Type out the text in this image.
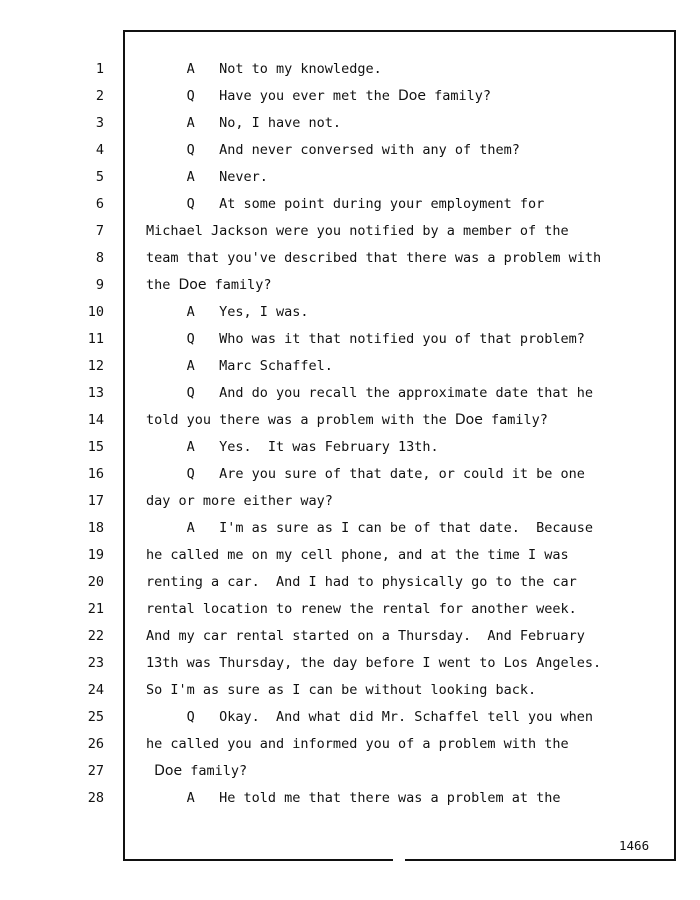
1
2
3
4
5
6
7
8
9
10
11
12
13
14
15
16
17
18
19
20
21
22
23
24
25
26
27
28
A   Not to my knowledge.
Q   Have you ever met the Doe family?
A   No, I have not.
Q   And never conversed with any of them?
A   Never.
Q   At some point during your employment for
Michael Jackson were you notified by a member of the
team that you've described that there was a problem with
the Doe family?
A   Yes, I was.
Q   Who was it that notified you of that problem?
A   Marc Schaffel.
Q   And do you recall the approximate date that he
told you there was a problem with the Doe family?
A   Yes.  It was February 13th.
Q   Are you sure of that date, or could it be one
day or more either way?
A   I'm as sure as I can be of that date.  Because
he called me on my cell phone, and at the time I was
renting a car.  And I had to physically go to the car
rental location to renew the rental for another week.
And my car rental started on a Thursday.  And February
13th was Thursday, the day before I went to Los Angeles.
So I'm as sure as I can be without looking back.
Q   Okay.  And what did Mr. Schaffel tell you when
he called you and informed you of a problem with the
Doe family?
A   He told me that there was a problem at the
1466
